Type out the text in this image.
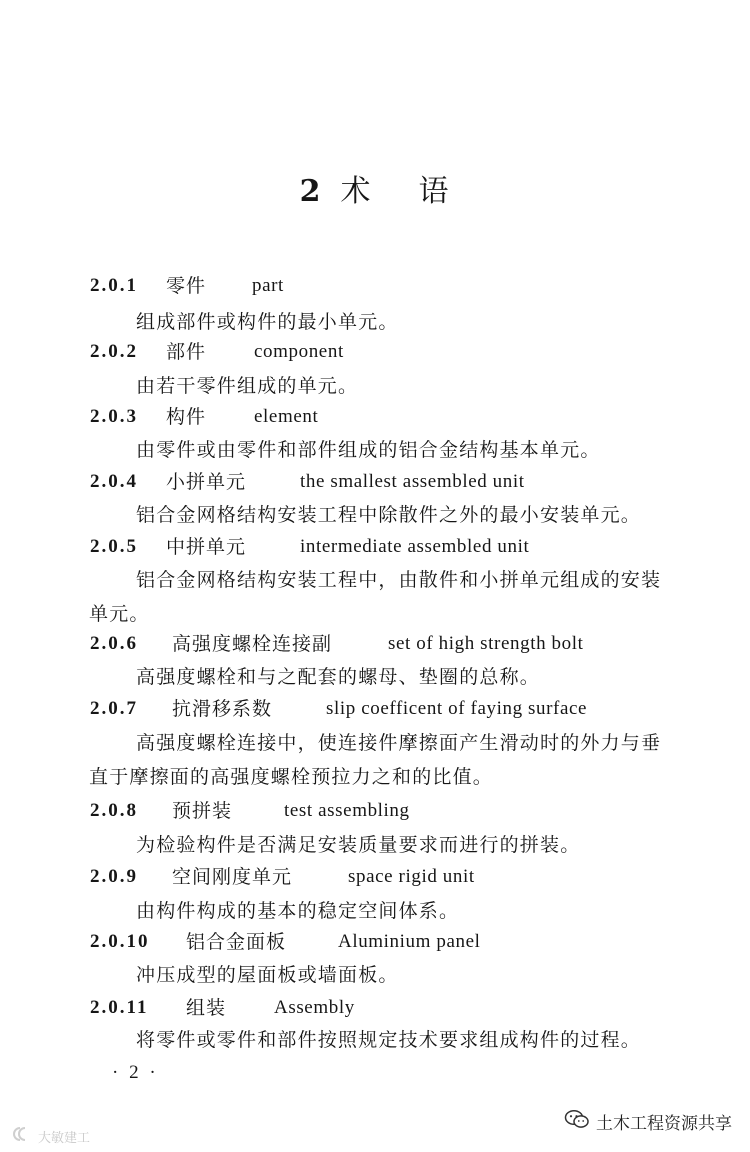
2 术 语
2.0.1 零件 part
组成部件或构件的最小单元。
2.0.2 部件	component
由若干零件组成的单元。
2.0.3 构件	element
由零件或由零件和部件组成的铝合金结构基本单元。
2.0.4 小拼单元	the smallest assembled unit
铝合金网格结构安装工程中除散件之外的最小安装单元。
2.0.5 中拼单元	intermediate assembled unit
铝合金网格结构安装工程中，由散件和小拼单元组成的安装
单元。
2.0.6 高强度螺栓连接副	set of high strength bolt
高强度螺栓和与之配套的螺母、垫圈的总称。
2.0.7 抗滑移系数	slip coefficent of faying surface
高强度螺栓连接中，使连接件摩擦面产生滑动时的外力与垂
直于摩擦面的高强度螺栓预拉力之和的比值。
2.0.8 预拼装	test assembling
为检验构件是否满足安装质量要求而进行的拼装。
2.0.9 空间刚度单元	space rigid unit
由构件构成的基本的稳定空间体系。
2.0.10 铝合金面板	Aluminium panel
冲压成型的屋面板或墙面板。
2.0.11 组装	Assembly
将零件或零件和部件按照规定技术要求组成构件的过程。
· 2 ·
土木工程资源共享
大敏建工
